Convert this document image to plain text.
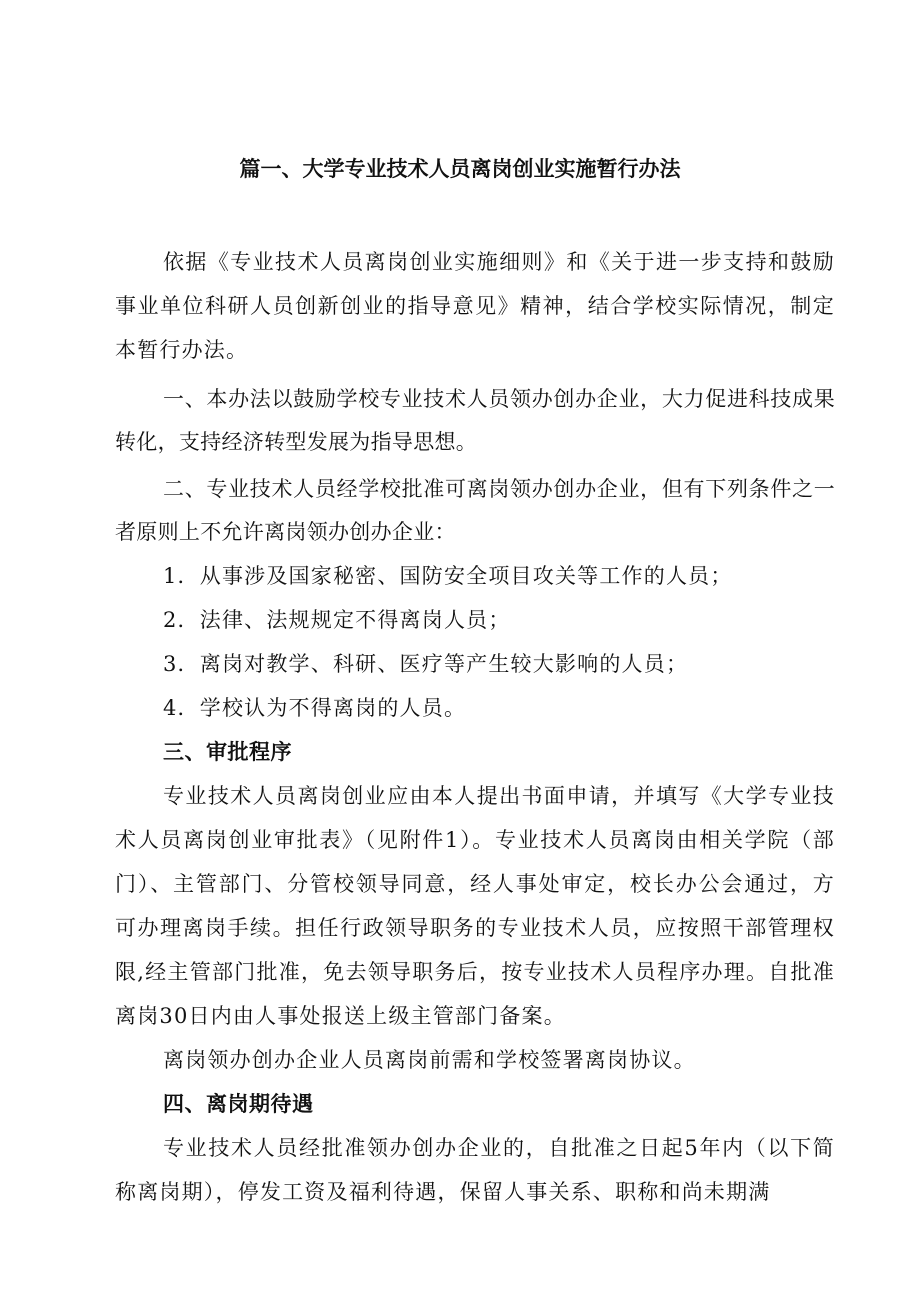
篇一、大学专业技术人员离岗创业实施暂行办法

依据《专业技术人员离岗创业实施细则》和《关于进一步支持和鼓励事业单位科研人员创新创业的指导意见》精神，结合学校实际情况，制定本暂行办法。

一、本办法以鼓励学校专业技术人员领办创办企业，大力促进科技成果转化，支持经济转型发展为指导思想。

二、专业技术人员经学校批准可离岗领办创办企业，但有下列条件之一者原则上不允许离岗领办创办企业：

1．从事涉及国家秘密、国防安全项目攻关等工作的人员；

2．法律、法规规定不得离岗人员；

3．离岗对教学、科研、医疗等产生较大影响的人员；

4．学校认为不得离岗的人员。

三、审批程序

专业技术人员离岗创业应由本人提出书面申请，并填写《大学专业技术人员离岗创业审批表》（见附件1）。专业技术人员离岗由相关学院（部门）、主管部门、分管校领导同意，经人事处审定，校长办公会通过，方可办理离岗手续。担任行政领导职务的专业技术人员，应按照干部管理权限,经主管部门批准，免去领导职务后，按专业技术人员程序办理。自批准离岗30日内由人事处报送上级主管部门备案。

离岗领办创办企业人员离岗前需和学校签署离岗协议。

四、离岗期待遇

专业技术人员经批准领办创办企业的，自批准之日起5年内（以下简称离岗期），停发工资及福利待遇，保留人事关系、职称和尚未期满
